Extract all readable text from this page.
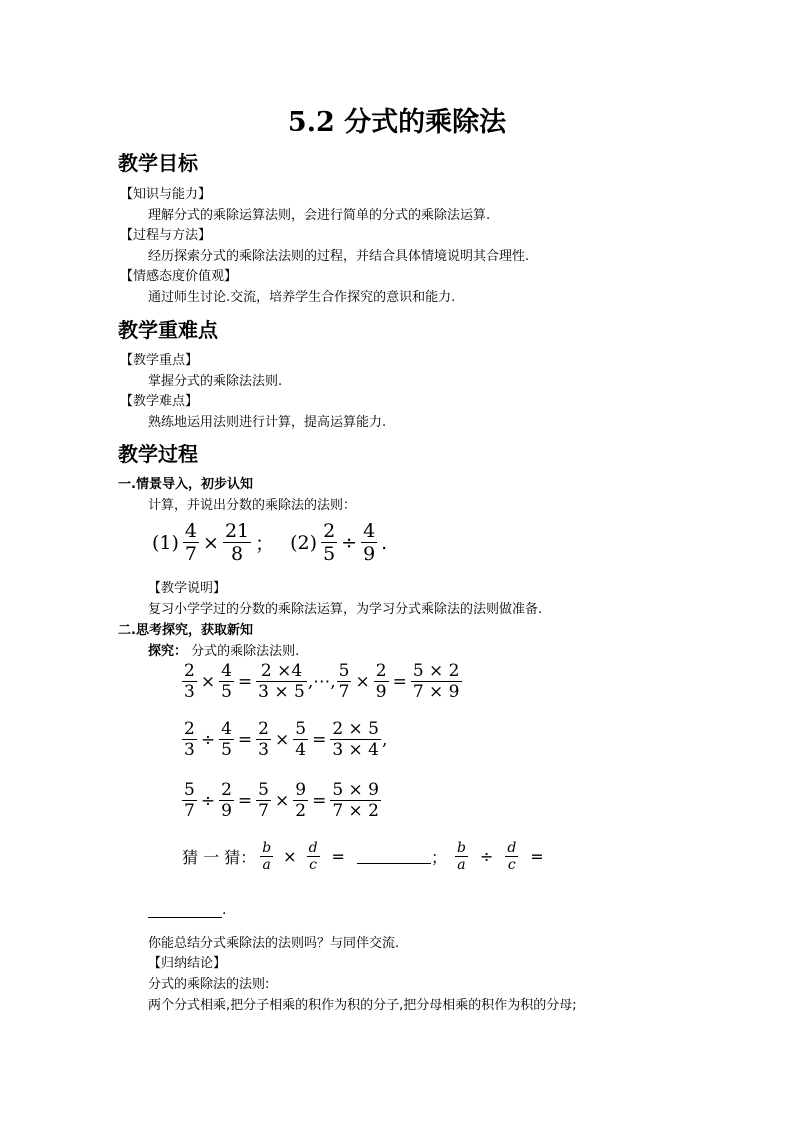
5.2 分式的乘除法
教学目标
【知识与能力】
理解分式的乘除运算法则，会进行简单的分式的乘除法运算.
【过程与方法】
经历探索分式的乘除法法则的过程，并结合具体情境说明其合理性.
【情感态度价值观】
通过师生讨论.交流，培养学生合作探究的意识和能力.
教学重难点
【教学重点】
掌握分式的乘除法法则.
【教学难点】
熟练地运用法则进行计算，提高运算能力.
教学过程
一.情景导入，初步认知
计算，并说出分数的乘除法的法则：
$(1) \frac{4}{7} \times \frac{21}{8}$ ； $(2) \frac{2}{5} \div \frac{4}{9}$ .
【教学说明】
复习小学学过的分数的乘除法运算，为学习分式乘除法的法则做准备.
二.思考探究，获取新知
探究： 分式的乘除法法则.
$\frac{2}{3} \times \frac{4}{5} = \frac{2 \times 4}{3 \times 5}$ ,⋯, $\frac{5}{7} \times \frac{2}{9} = \frac{5 \times 2}{7 \times 9}$
$\frac{2}{3} \div \frac{4}{5} = \frac{2}{3} \times \frac{5}{4} = \frac{2 \times 5}{3 \times 4}$ ,
$\frac{5}{7} \div \frac{2}{9} = \frac{5}{7} \times \frac{9}{2} = \frac{5 \times 9}{7 \times 2}$
猜 一 猜： $\frac{b}{a} \times \frac{d}{c}$ =	； $\frac{b}{a} \div \frac{d}{c}$ =
.
你能总结分式乘除法的法则吗？与同伴交流.
【归纳结论】
分式的乘除法的法则:
两个分式相乘,把分子相乘的积作为积的分子,把分母相乘的积作为积的分母;
